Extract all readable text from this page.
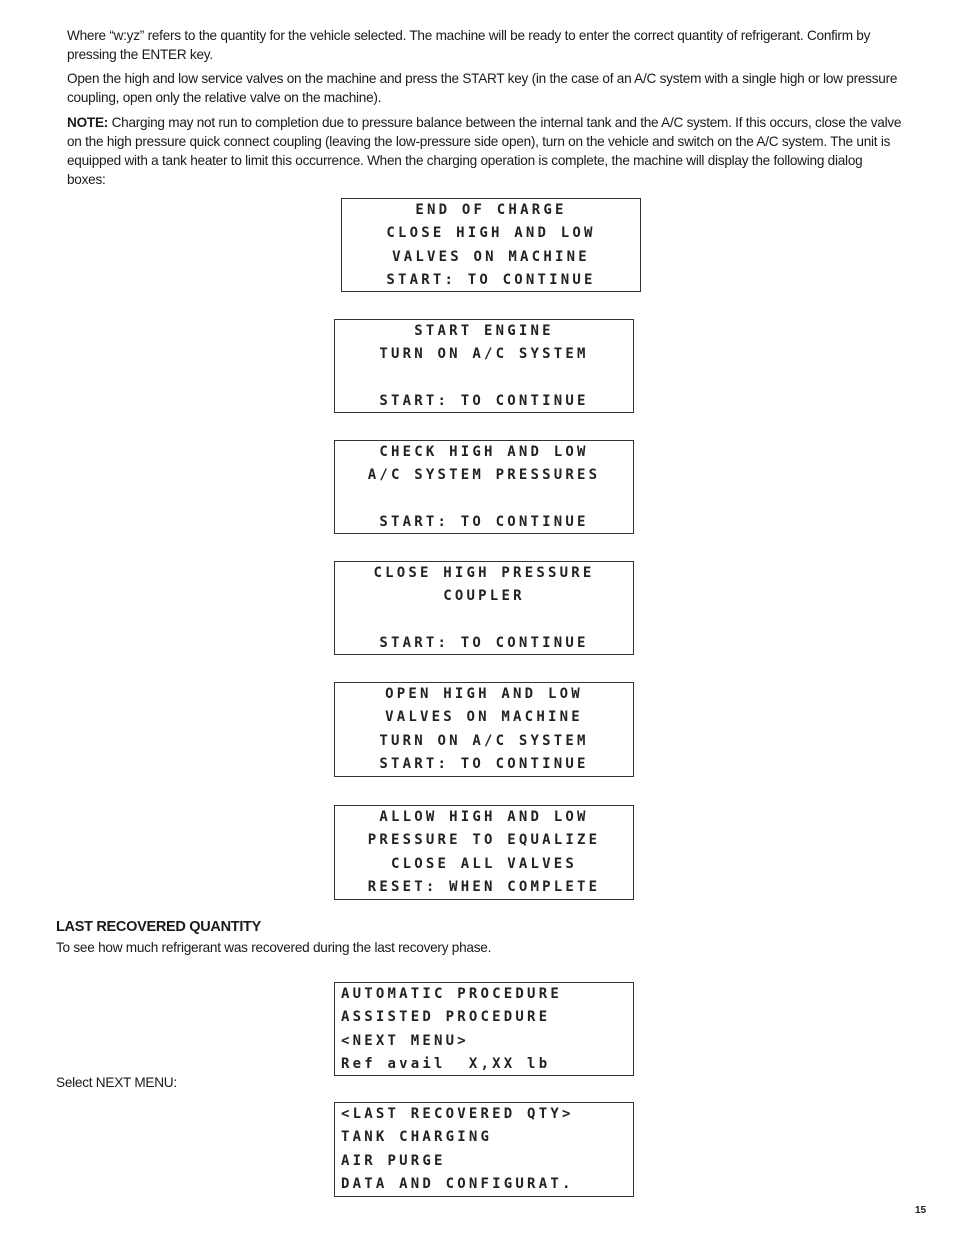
Where “w:yz” refers to the quantity for the vehicle selected. The machine will be ready to enter the correct quantity of refrigerant. Confirm by pressing the ENTER key.

Open the high and low service valves on the machine and press the START key (in the case of an A/C system with a single high or low pressure coupling, open only the relative valve on the machine).

NOTE: Charging may not run to completion due to pressure balance between the internal tank and the A/C system. If this occurs, close the valve on the high pressure quick connect coupling (leaving the low-pressure side open), turn on the vehicle and switch on the A/C system. The unit is equipped with a tank heater to limit this occurrence. When the charging operation is complete, the machine will display the following dialog boxes:

END OF CHARGE
CLOSE HIGH AND LOW
VALVES ON MACHINE
START: TO CONTINUE
START ENGINE
TURN ON A/C SYSTEM
START: TO CONTINUE
CHECK HIGH AND LOW
A/C SYSTEM PRESSURES
START: TO CONTINUE
CLOSE HIGH PRESSURE
COUPLER
START: TO CONTINUE
OPEN HIGH AND LOW
VALVES ON MACHINE
TURN ON A/C SYSTEM
START: TO CONTINUE
ALLOW HIGH AND LOW
PRESSURE TO EQUALIZE
CLOSE ALL VALVES
RESET: WHEN COMPLETE
LAST RECOVERED QUANTITY

To see how much refrigerant was recovered during the last recovery phase.

AUTOMATIC PROCEDURE
ASSISTED PROCEDURE
<NEXT MENU>
Ref avail  X,XX lb

Select NEXT MENU:

<LAST RECOVERED QTY>
TANK CHARGING
AIR PURGE
DATA AND CONFIGURAT.
15
